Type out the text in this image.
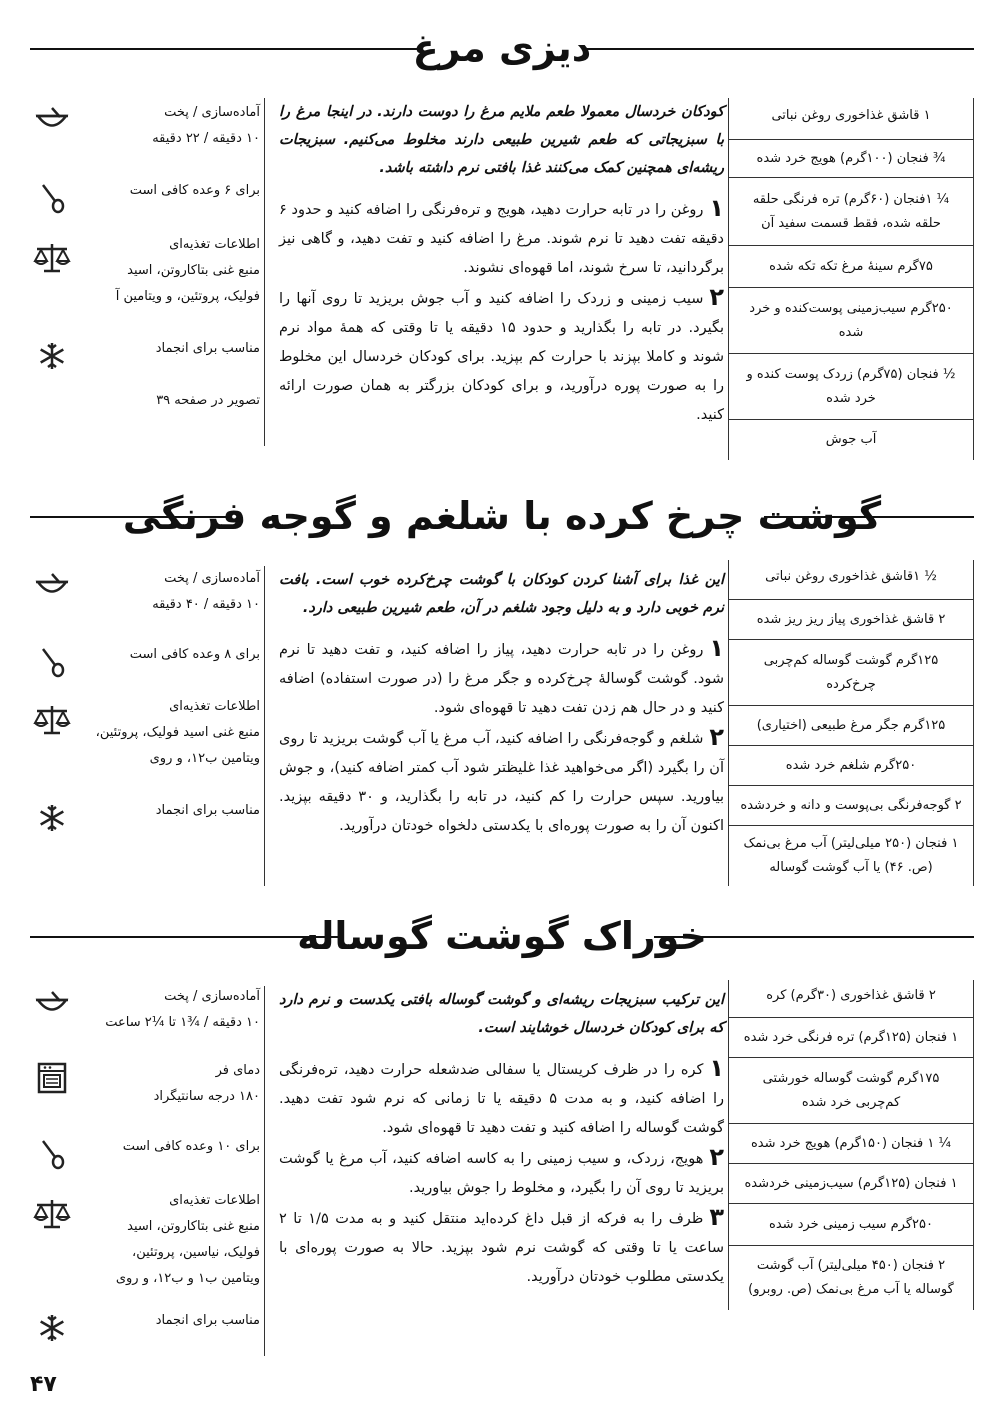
دیزی مرغ
۱ قاشق غذاخوری روغن نباتی
¾ فنجان (۱۰۰گرم) هویج خرد شده
¼ ۱فنجان (۶۰گرم) تره فرنگی حلقه حلقه شده، فقط قسمت سفید آن
۷۵گرم سینهٔ مرغ تکه تکه شده
۲۵۰گرم سیب‌زمینی پوست‌کنده و خرد شده
½ فنجان (۷۵گرم) زردک پوست کنده و خرد شده
آب جوش

کودکان خردسال معمولا طعم ملایم مرغ را دوست دارند. در اینجا مرغ را با سبزیجاتی که طعم شیرین طبیعی دارند مخلوط می‌کنیم. سبزیجات ریشه‌ای همچنین کمک می‌کنند غذا بافتی نرم داشته باشد.

۱روغن را در تابه حرارت دهید، هویج و تره‌فرنگی را اضافه کنید و حدود ۶ دقیقه تفت دهید تا نرم شوند. مرغ را اضافه کنید و تفت دهید، و گاهی نیز برگردانید، تا سرخ شوند، اما قهوه‌ای نشوند.

۲سیب زمینی و زردک را اضافه کنید و آب جوش بریزید تا روی آنها را بگیرد. در تابه را بگذارید و حدود ۱۵ دقیقه یا تا وقتی که همهٔ مواد نرم شوند و کاملا بپزند با حرارت کم بپزید. برای کودکان خردسال این مخلوط را به صورت پوره درآورید، و برای کودکان بزرگتر به همان صورت ارائه کنید.

آماده‌سازی / پخت
۱۰ دقیقه / ۲۲ دقیقه
برای ۶ وعده کافی است
اطلاعات تغذیه‌ای
منبع غنی بتاکاروتن، اسید
فولیک، پروتئین، و ویتامین آ
مناسب برای انجماد
تصویر در صفحه ۳۹
گوشت چرخ کرده با شلغم و گوجه فرنگی
½ ۱قاشق غذاخوری روغن نباتی
۲ قاشق غذاخوری پیاز ریز ریز شده
۱۲۵گرم گوشت گوساله کم‌چربی چرخ‌کرده
۱۲۵گرم جگر مرغ طبیعی (اختیاری)
۲۵۰گرم شلغم خرد شده
۲ گوجه‌فرنگی بی‌پوست و دانه و خردشده
۱ فنجان (۲۵۰ میلی‌لیتر) آب مرغ بی‌نمک (ص. ۴۶) یا آب گوشت گوساله

این غذا برای آشنا کردن کودکان با گوشت چرخ‌کرده خوب است. بافت نرم خوبی دارد و به دلیل وجود شلغم در آن، طعم شیرین طبیعی دارد.

۱روغن را در تابه حرارت دهید، پیاز را اضافه کنید، و تفت دهید تا نرم شود. گوشت گوسالهٔ چرخ‌کرده و جگر مرغ را (در صورت استفاده) اضافه کنید و در حال هم زدن تفت دهید تا قهوه‌ای شود.

۲شلغم و گوجه‌فرنگی را اضافه کنید، آب مرغ یا آب گوشت بریزید تا روی آن را بگیرد (اگر می‌خواهید غذا غلیظتر شود آب کمتر اضافه کنید)، و جوش بیاورید. سپس حرارت را کم کنید، در تابه را بگذارید، و ۳۰ دقیقه بپزید. اکنون آن را به صورت پوره‌ای با یکدستی دلخواه خودتان درآورید.

آماده‌سازی / پخت
۱۰ دقیقه / ۴۰ دقیقه
برای ۸ وعده کافی است
اطلاعات تغذیه‌ای
منبع غنی اسید فولیک، پروتئین،
ویتامین ب۱۲، و روی
مناسب برای انجماد
خوراک گوشت گوساله
۲ قاشق غذاخوری (۳۰گرم) کره
۱ فنجان (۱۲۵گرم) تره فرنگی خرد شده
۱۷۵گرم گوشت گوساله خورشتی کم‌چربی خرد شده
¼ ۱ فنجان (۱۵۰گرم) هویج خرد شده
۱ فنجان (۱۲۵گرم) سیب‌زمینی خردشده
۲۵۰گرم سیب زمینی خرد شده
۲ فنجان (۴۵۰ میلی‌لیتر) آب گوشت گوساله یا آب مرغ بی‌نمک (ص. روبرو)

این ترکیب سبزیجات ریشه‌ای و گوشت گوساله بافتی یکدست و نرم دارد که برای کودکان خردسال خوشایند است.

۱کره را در ظرف کریستال یا سفالی ضدشعله حرارت دهید، تره‌فرنگی را اضافه کنید، و به مدت ۵ دقیقه یا تا زمانی که نرم شود تفت دهید. گوشت گوساله را اضافه کنید و تفت دهید تا قهوه‌ای شود.

۲هویج، زردک، و سیب زمینی را به کاسه اضافه کنید، آب مرغ یا گوشت بریزید تا روی آن را بگیرد، و مخلوط را جوش بیاورید.

۳ظرف را به فرکه از قبل داغ کرده‌اید منتقل کنید و به مدت ۱/۵ تا ۲ ساعت یا تا وقتی که گوشت نرم شود بپزید. حالا به صورت پوره‌ای با یکدستی مطلوب خودتان درآورید.

آماده‌سازی / پخت
۱۰ دقیقه / ¾۱ تا ¼۲ ساعت
دمای فر
۱۸۰ درجه سانتیگراد
برای ۱۰ وعده کافی است
اطلاعات تغذیه‌ای
منبع غنی بتاکاروتن، اسید
فولیک، نیاسین، پروتئین،
ویتامین ب۱ و ب۱۲، و روی
مناسب برای انجماد
۴۷
